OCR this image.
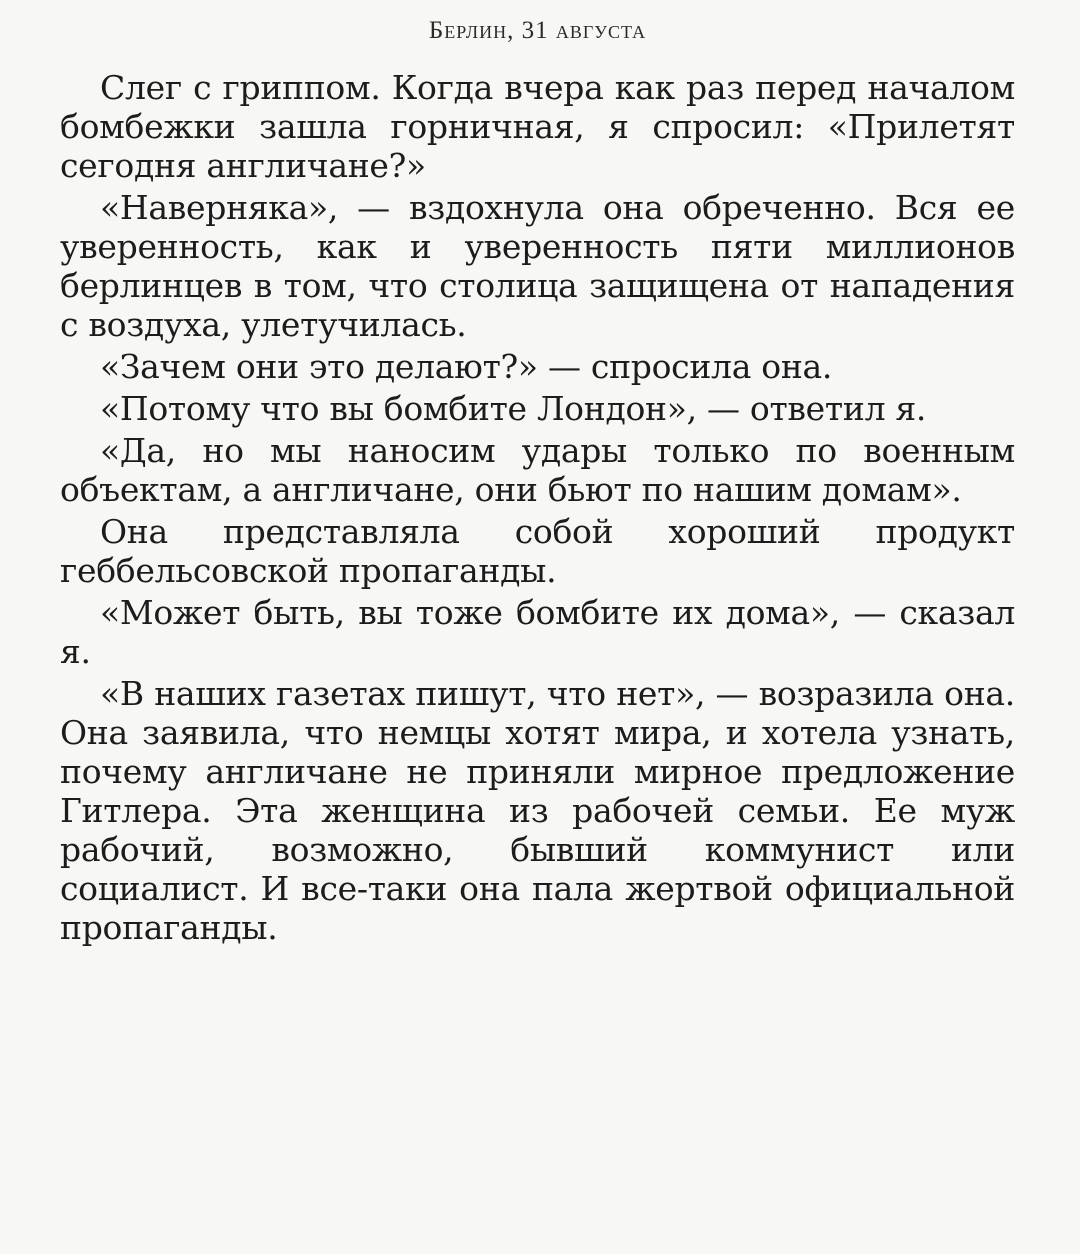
Берлин, 31 августа

Слег с гриппом. Когда вчера как раз перед началом бомбежки зашла горничная, я спросил: «Прилетят сегодня англичане?»

«Наверняка», — вздохнула она обреченно. Вся ее уверенность, как и уверенность пяти миллионов берлинцев в том, что столица защищена от нападения с воздуха, улетучилась.

«Зачем они это делают?» — спросила она.

«Потому что вы бомбите Лондон», — ответил я.

«Да, но мы наносим удары только по военным объектам, а англичане, они бьют по нашим домам».

Она представляла собой хороший продукт геббельсовской пропаганды.

«Может быть, вы тоже бомбите их дома», — сказал я.

«В наших газетах пишут, что нет», — возразила она. Она заявила, что немцы хотят мира, и хотела узнать, почему англичане не приняли мирное предложение Гитлера. Эта женщина из рабочей семьи. Ее муж рабочий, возможно, бывший коммунист или социалист. И все-таки она пала жертвой официальной пропаганды.
